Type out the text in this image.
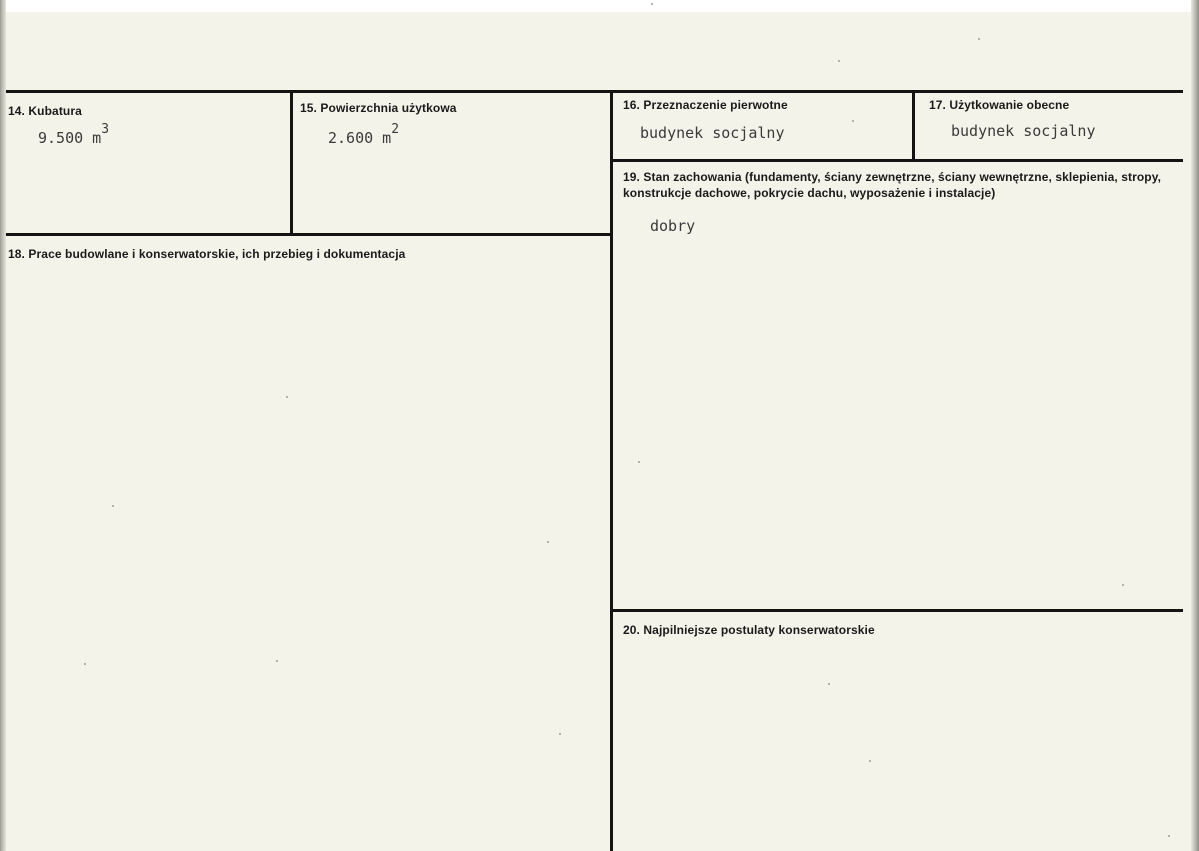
14. Kubatura
9.500 $m^3$
15. Powierzchnia użytkowa
2.600 $m^2$
16. Przeznaczenie pierwotne
budynek socjalny
17. Użytkowanie obecne
budynek socjalny
18. Prace budowlane i konserwatorskie, ich przebieg i dokumentacja
19. Stan zachowania (fundamenty, ściany zewnętrzne, ściany wewnętrzne, sklepienia, stropy, konstrukcje dachowe, pokrycie dachu, wyposażenie i instalacje)
dobry
20. Najpilniejsze postulaty konserwatorskie
